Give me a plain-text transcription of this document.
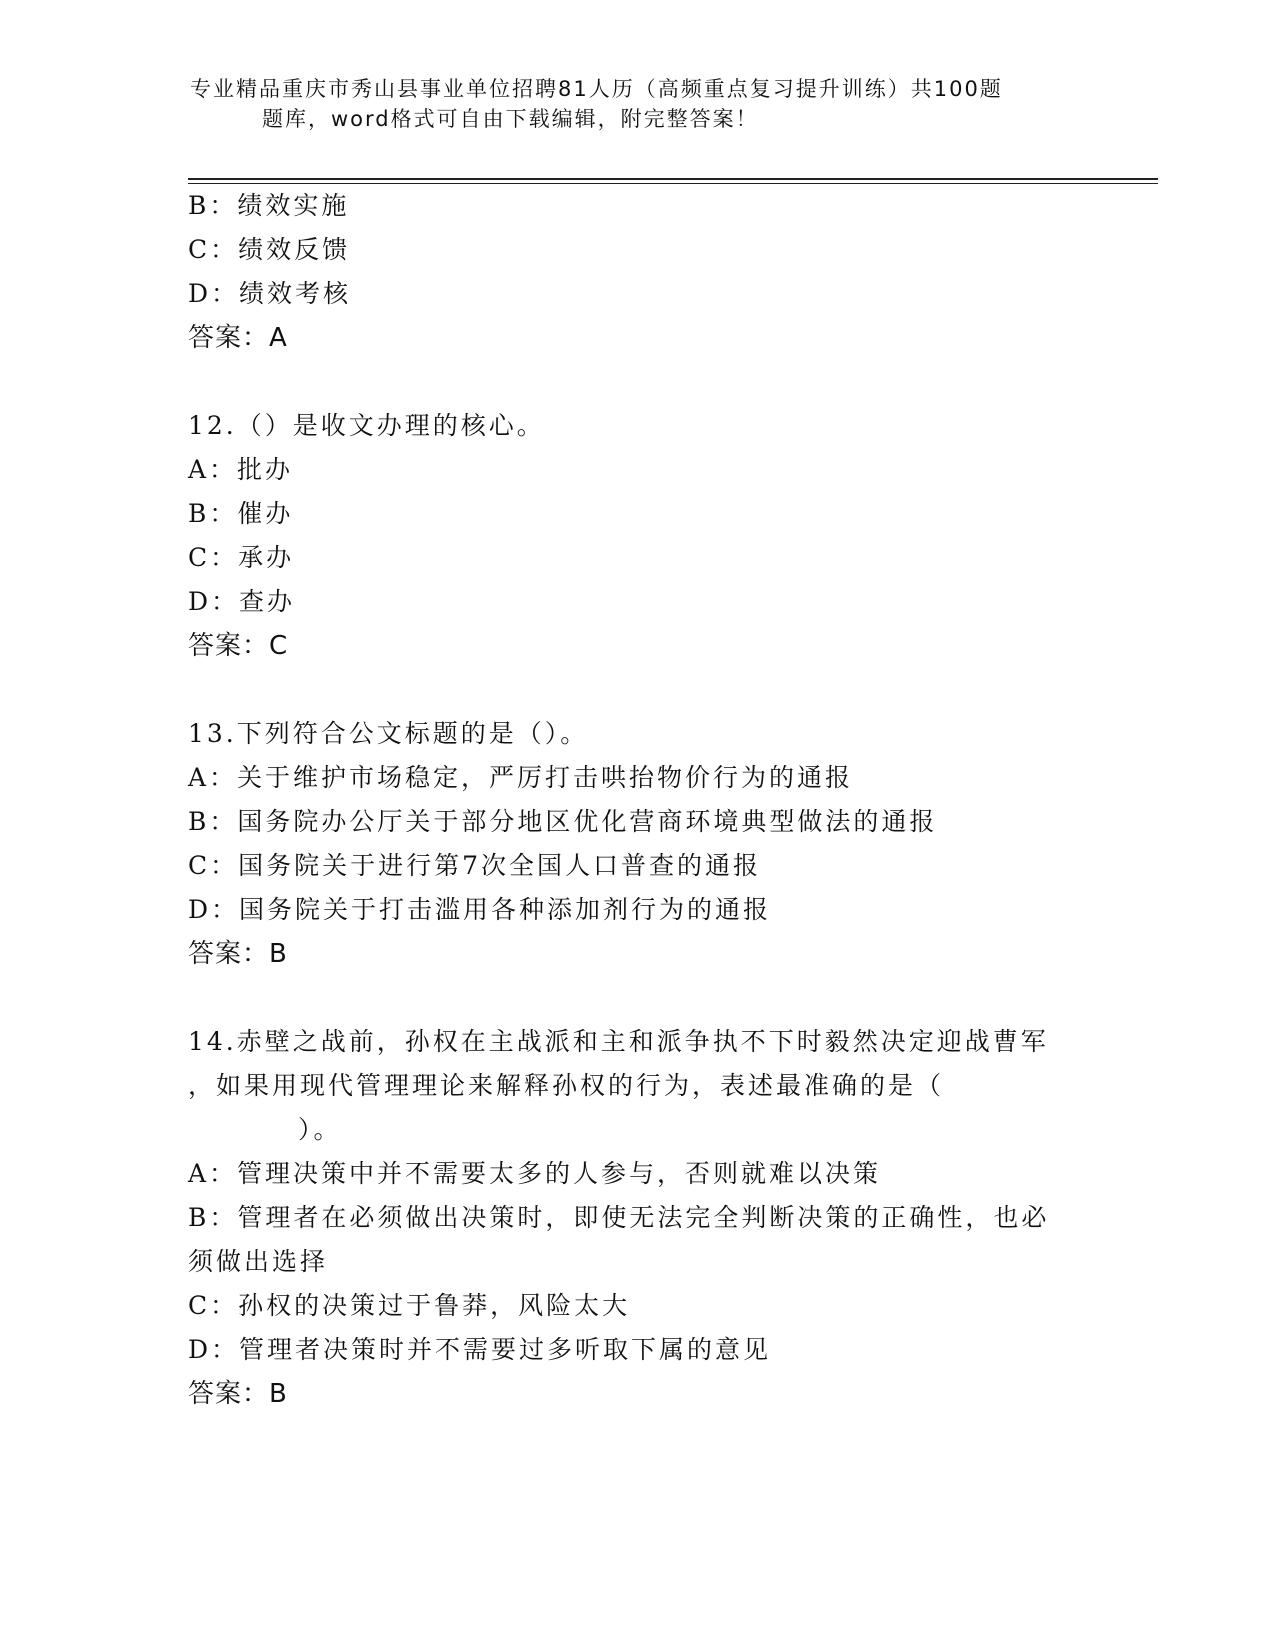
专业精品重庆市秀山县事业单位招聘81人历（高频重点复习提升训练）共100题
题库，word格式可自由下载编辑，附完整答案！
B：绩效实施
C：绩效反馈
D：绩效考核
答案：A
12.（）是收文办理的核心。
A：批办
B：催办
C：承办
D：查办
答案：C
13.下列符合公文标题的是（）。
A：关于维护市场稳定，严厉打击哄抬物价行为的通报
B：国务院办公厅关于部分地区优化营商环境典型做法的通报
C：国务院关于进行第7次全国人口普查的通报
D：国务院关于打击滥用各种添加剂行为的通报
答案：B
14.赤壁之战前，孙权在主战派和主和派争执不下时毅然决定迎战曹军
，如果用现代管理理论来解释孙权的行为，表述最准确的是（
）。
A：管理决策中并不需要太多的人参与，否则就难以决策
B：管理者在必须做出决策时，即使无法完全判断决策的正确性，也必
须做出选择
C：孙权的决策过于鲁莽，风险太大
D：管理者决策时并不需要过多听取下属的意见
答案：B
